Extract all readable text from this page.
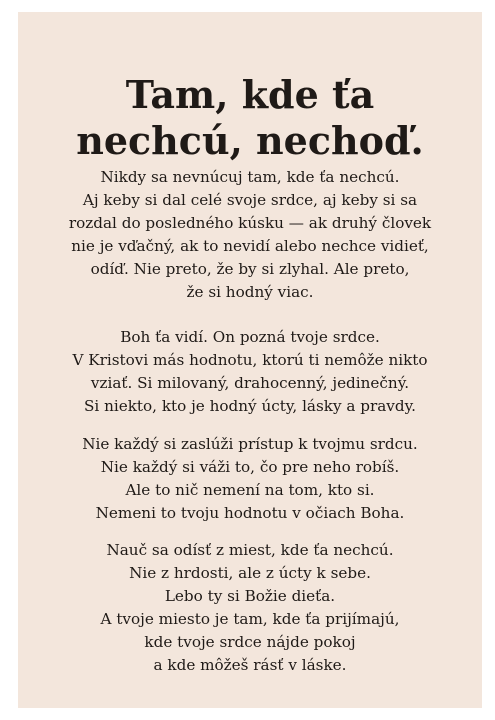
Tam, kde ťa
nechcú, nechoď.
Nikdy sa nevnúcuj tam, kde ťa nechcú.
Aj keby si dal celé svoje srdce, aj keby si sa
rozdal do posledného kúsku — ak druhý človek
nie je vďačný, ak to nevidí alebo nechce vidieť,
odíď. Nie preto, že by si zlyhal. Ale preto,
že si hodný viac.
Boh ťa vidí. On pozná tvoje srdce.
V Kristovi más hodnotu, ktorú ti nemôže nikto
vziať. Si milovaný, drahocenný, jedinečný.
Si niekto, kto je hodný úcty, lásky a pravdy.
Nie každý si zaslúži prístup k tvojmu srdcu.
Nie každý si váži to, čo pre neho robíš.
Ale to nič nemení na tom, kto si.
Nemeni to tvoju hodnotu v očiach Boha.
Nauč sa odísť z miest, kde ťa nechcú.
Nie z hrdosti, ale z úcty k sebe.
Lebo ty si Božie dieťa.
A tvoje miesto je tam, kde ťa prijímajú,
kde tvoje srdce nájde pokoj
a kde môžeš rásť v láske.
